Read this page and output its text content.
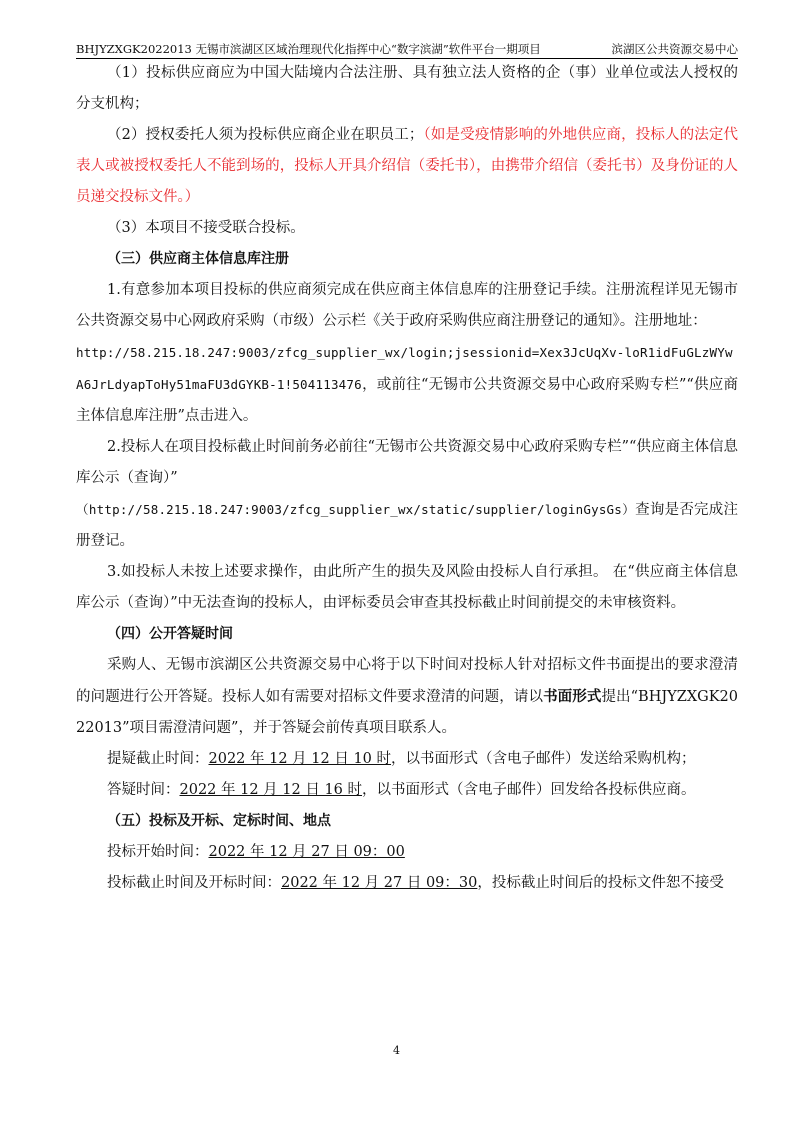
BHJYZXGK2022013 无锡市滨湖区区域治理现代化指挥中心“数字滨湖”软件平台一期项目	滨湖区公共资源交易中心

（1）投标供应商应为中国大陆境内合法注册、具有独立法人资格的企（事）业单位或法人授权的分支机构；

（2）授权委托人须为投标供应商企业在职员工；（如是受疫情影响的外地供应商，投标人的法定代表人或被授权委托人不能到场的，投标人开具介绍信（委托书），由携带介绍信（委托书）及身份证的人员递交投标文件。）

（3）本项目不接受联合投标。

（三）供应商主体信息库注册

1.有意参加本项目投标的供应商须完成在供应商主体信息库的注册登记手续。注册流程详见无锡市公共资源交易中心网政府采购（市级）公示栏《关于政府采购供应商注册登记的通知》。注册地址：

http://58.215.18.247:9003/zfcg_supplier_wx/login;jsessionid=Xex3JcUqXv-loR1idFuGLzWYwA6JrLdyapToHy51maFU3dGYKB-1!504113476，或前往“无锡市公共资源交易中心政府采购专栏”“供应商主体信息库注册”点击进入。

2.投标人在项目投标截止时间前务必前往“无锡市公共资源交易中心政府采购专栏”“供应商主体信息库公示（查询）”

（http://58.215.18.247:9003/zfcg_supplier_wx/static/supplier/loginGysGs）查询是否完成注册登记。

3.如投标人未按上述要求操作，由此所产生的损失及风险由投标人自行承担。 在“供应商主体信息库公示（查询）”中无法查询的投标人，由评标委员会审查其投标截止时间前提交的未审核资料。

（四）公开答疑时间

采购人、无锡市滨湖区公共资源交易中心将于以下时间对投标人针对招标文件书面提出的要求澄清的问题进行公开答疑。投标人如有需要对招标文件要求澄清的问题，请以书面形式提出“BHJYZXGK2022013”项目需澄清问题”，并于答疑会前传真项目联系人。

提疑截止时间：2022 年 12 月 12 日 10 时，以书面形式（含电子邮件）发送给采购机构；

答疑时间：2022 年 12 月 12 日 16 时，以书面形式（含电子邮件）回发给各投标供应商。

（五）投标及开标、定标时间、地点

投标开始时间：2022 年 12 月 27 日 09：00

投标截止时间及开标时间：2022 年 12 月 27 日 09：30，投标截止时间后的投标文件恕不接受

4
